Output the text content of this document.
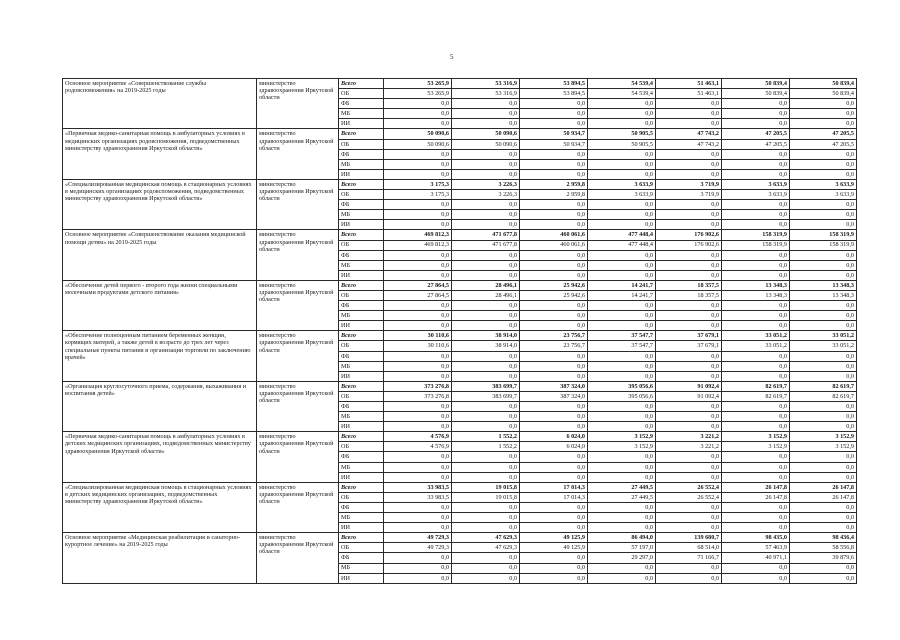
5
Основное мероприятие «Совершенствование службы родовспоможения» на 2019-2025 годы	министерство здравоохранения Иркутской области	Всего	53 265,9	53 316,9	53 894,5	54 539,4	51 463,1	50 839,4	50 839,4
		ОБ	53 265,9	53 316,9	53 894,5	54 539,4	51 463,1	50 839,4	50 839,4
		ФБ	0,0	0,0	0,0	0,0	0,0	0,0	0,0
		МБ	0,0	0,0	0,0	0,0	0,0	0,0	0,0
		ИИ	0,0	0,0	0,0	0,0	0,0	0,0	0,0
«Первичная медико-санитарная помощь в амбулаторных условиях в медицинских организациях родовспоможения, подведомственных министерству здравоохранения Иркутской области»	министерство здравоохранения Иркутской области	Всего	50 090,6	50 090,6	50 934,7	50 905,5	47 743,2	47 205,5	47 205,5
		ОБ	50 090,6	50 090,6	50 934,7	50 905,5	47 743,2	47 205,5	47 205,5
		ФБ	0,0	0,0	0,0	0,0	0,0	0,0	0,0
		МБ	0,0	0,0	0,0	0,0	0,0	0,0	0,0
		ИИ	0,0	0,0	0,0	0,0	0,0	0,0	0,0
«Специализированная медицинская помощь в стационарных условиях в медицинских организациях родовспоможения, подведомственных министерству здравоохранения Иркутской области»	министерство здравоохранения Иркутской области	Всего	3 175,3	3 226,3	2 959,8	3 633,9	3 719,9	3 633,9	3 633,9
		ОБ	3 175,3	3 226,3	2 959,8	3 633,9	3 719,9	3 633,9	3 633,9
		ФБ	0,0	0,0	0,0	0,0	0,0	0,0	0,0
		МБ	0,0	0,0	0,0	0,0	0,0	0,0	0,0
		ИИ	0,0	0,0	0,0	0,0	0,0	0,0	0,0
Основное мероприятие «Совершенствование оказания медицинской помощи детям» на 2019-2025 годы	министерство здравоохранения Иркутской области	Всего	469 812,3	471 677,8	460 061,6	477 448,4	176 902,6	158 319,9	158 319,9
		ОБ	469 812,3	471 677,8	460 061,6	477 448,4	176 902,6	158 319,9	158 319,9
		ФБ	0,0	0,0	0,0	0,0	0,0	0,0	0,0
		МБ	0,0	0,0	0,0	0,0	0,0	0,0	0,0
		ИИ	0,0	0,0	0,0	0,0	0,0	0,0	0,0
«Обеспечение детей первого - второго года жизни специальными молочными продуктами детского питания»	министерство здравоохранения Иркутской области	Всего	27 864,5	28 496,1	25 942,6	14 241,7	18 357,5	13 348,3	13 348,3
		ОБ	27 864,5	28 496,1	25 942,6	14 241,7	18 357,5	13 348,3	13 348,3
		ФБ	0,0	0,0	0,0	0,0	0,0	0,0	0,0
		МБ	0,0	0,0	0,0	0,0	0,0	0,0	0,0
		ИИ	0,0	0,0	0,0	0,0	0,0	0,0	0,0
«Обеспечение полноценным питанием беременных женщин, кормящих матерей, а также детей в возрасте до трех лет через специальные пункты питания и организации торговли по заключению врачей»	министерство здравоохранения Иркутской области	Всего	30 110,6	38 914,0	23 756,7	37 547,7	37 679,1	33 051,2	33 051,2
		ОБ	30 110,6	38 914,0	23 756,7	37 547,7	37 679,1	33 051,2	33 051,2
		ФБ	0,0	0,0	0,0	0,0	0,0	0,0	0,0
		МБ	0,0	0,0	0,0	0,0	0,0	0,0	0,0
		ИИ	0,0	0,0	0,0	0,0	0,0	0,0	0,0
«Организация круглосуточного приема, содержания, выхаживания и воспитания детей»	министерство здравоохранения Иркутской области	Всего	373 276,8	383 699,7	387 324,0	395 056,6	91 092,4	82 619,7	82 619,7
		ОБ	373 276,8	383 699,7	387 324,0	395 056,6	91 092,4	82 619,7	82 619,7
		ФБ	0,0	0,0	0,0	0,0	0,0	0,0	0,0
		МБ	0,0	0,0	0,0	0,0	0,0	0,0	0,0
		ИИ	0,0	0,0	0,0	0,0	0,0	0,0	0,0
«Первичная медико-санитарная помощь в амбулаторных условиях в детских медицинских организациях, подведомственных министерству здравоохранения Иркутской области»	министерство здравоохранения Иркутской области	Всего	4 576,9	1 552,2	6 024,0	3 152,9	3 221,2	3 152,9	3 152,9
		ОБ	4 576,9	1 552,2	6 024,0	3 152,9	3 221,2	3 152,9	3 152,9
		ФБ	0,0	0,0	0,0	0,0	0,0	0,0	0,0
		МБ	0,0	0,0	0,0	0,0	0,0	0,0	0,0
		ИИ	0,0	0,0	0,0	0,0	0,0	0,0	0,0
«Специализированная медицинская помощь в стационарных условиях в детских медицинских организациях, подведомственных министерству здравоохранения Иркутской области»	министерство здравоохранения Иркутской области	Всего	33 983,5	19 015,8	17 014,3	27 449,5	26 552,4	26 147,8	26 147,8
		ОБ	33 983,5	19 015,8	17 014,3	27 449,5	26 552,4	26 147,8	26 147,8
		ФБ	0,0	0,0	0,0	0,0	0,0	0,0	0,0
		МБ	0,0	0,0	0,0	0,0	0,0	0,0	0,0
		ИИ	0,0	0,0	0,0	0,0	0,0	0,0	0,0
Основное мероприятие «Медицинская реабилитация и санаторно-курортное лечение» на 2019-2025 годы	министерство здравоохранения Иркутской области	Всего	49 729,3	47 629,3	49 125,9	86 494,0	139 680,7	98 435,0	98 436,4
		ОБ	49 729,3	47 629,3	49 125,9	57 197,0	68 514,0	57 463,9	58 556,8
		ФБ	0,0	0,0	0,0	29 297,0	71 166,7	40 971,1	39 879,6
		МБ	0,0	0,0	0,0	0,0	0,0	0,0	0,0
		ИИ	0,0	0,0	0,0	0,0	0,0	0,0	0,0
